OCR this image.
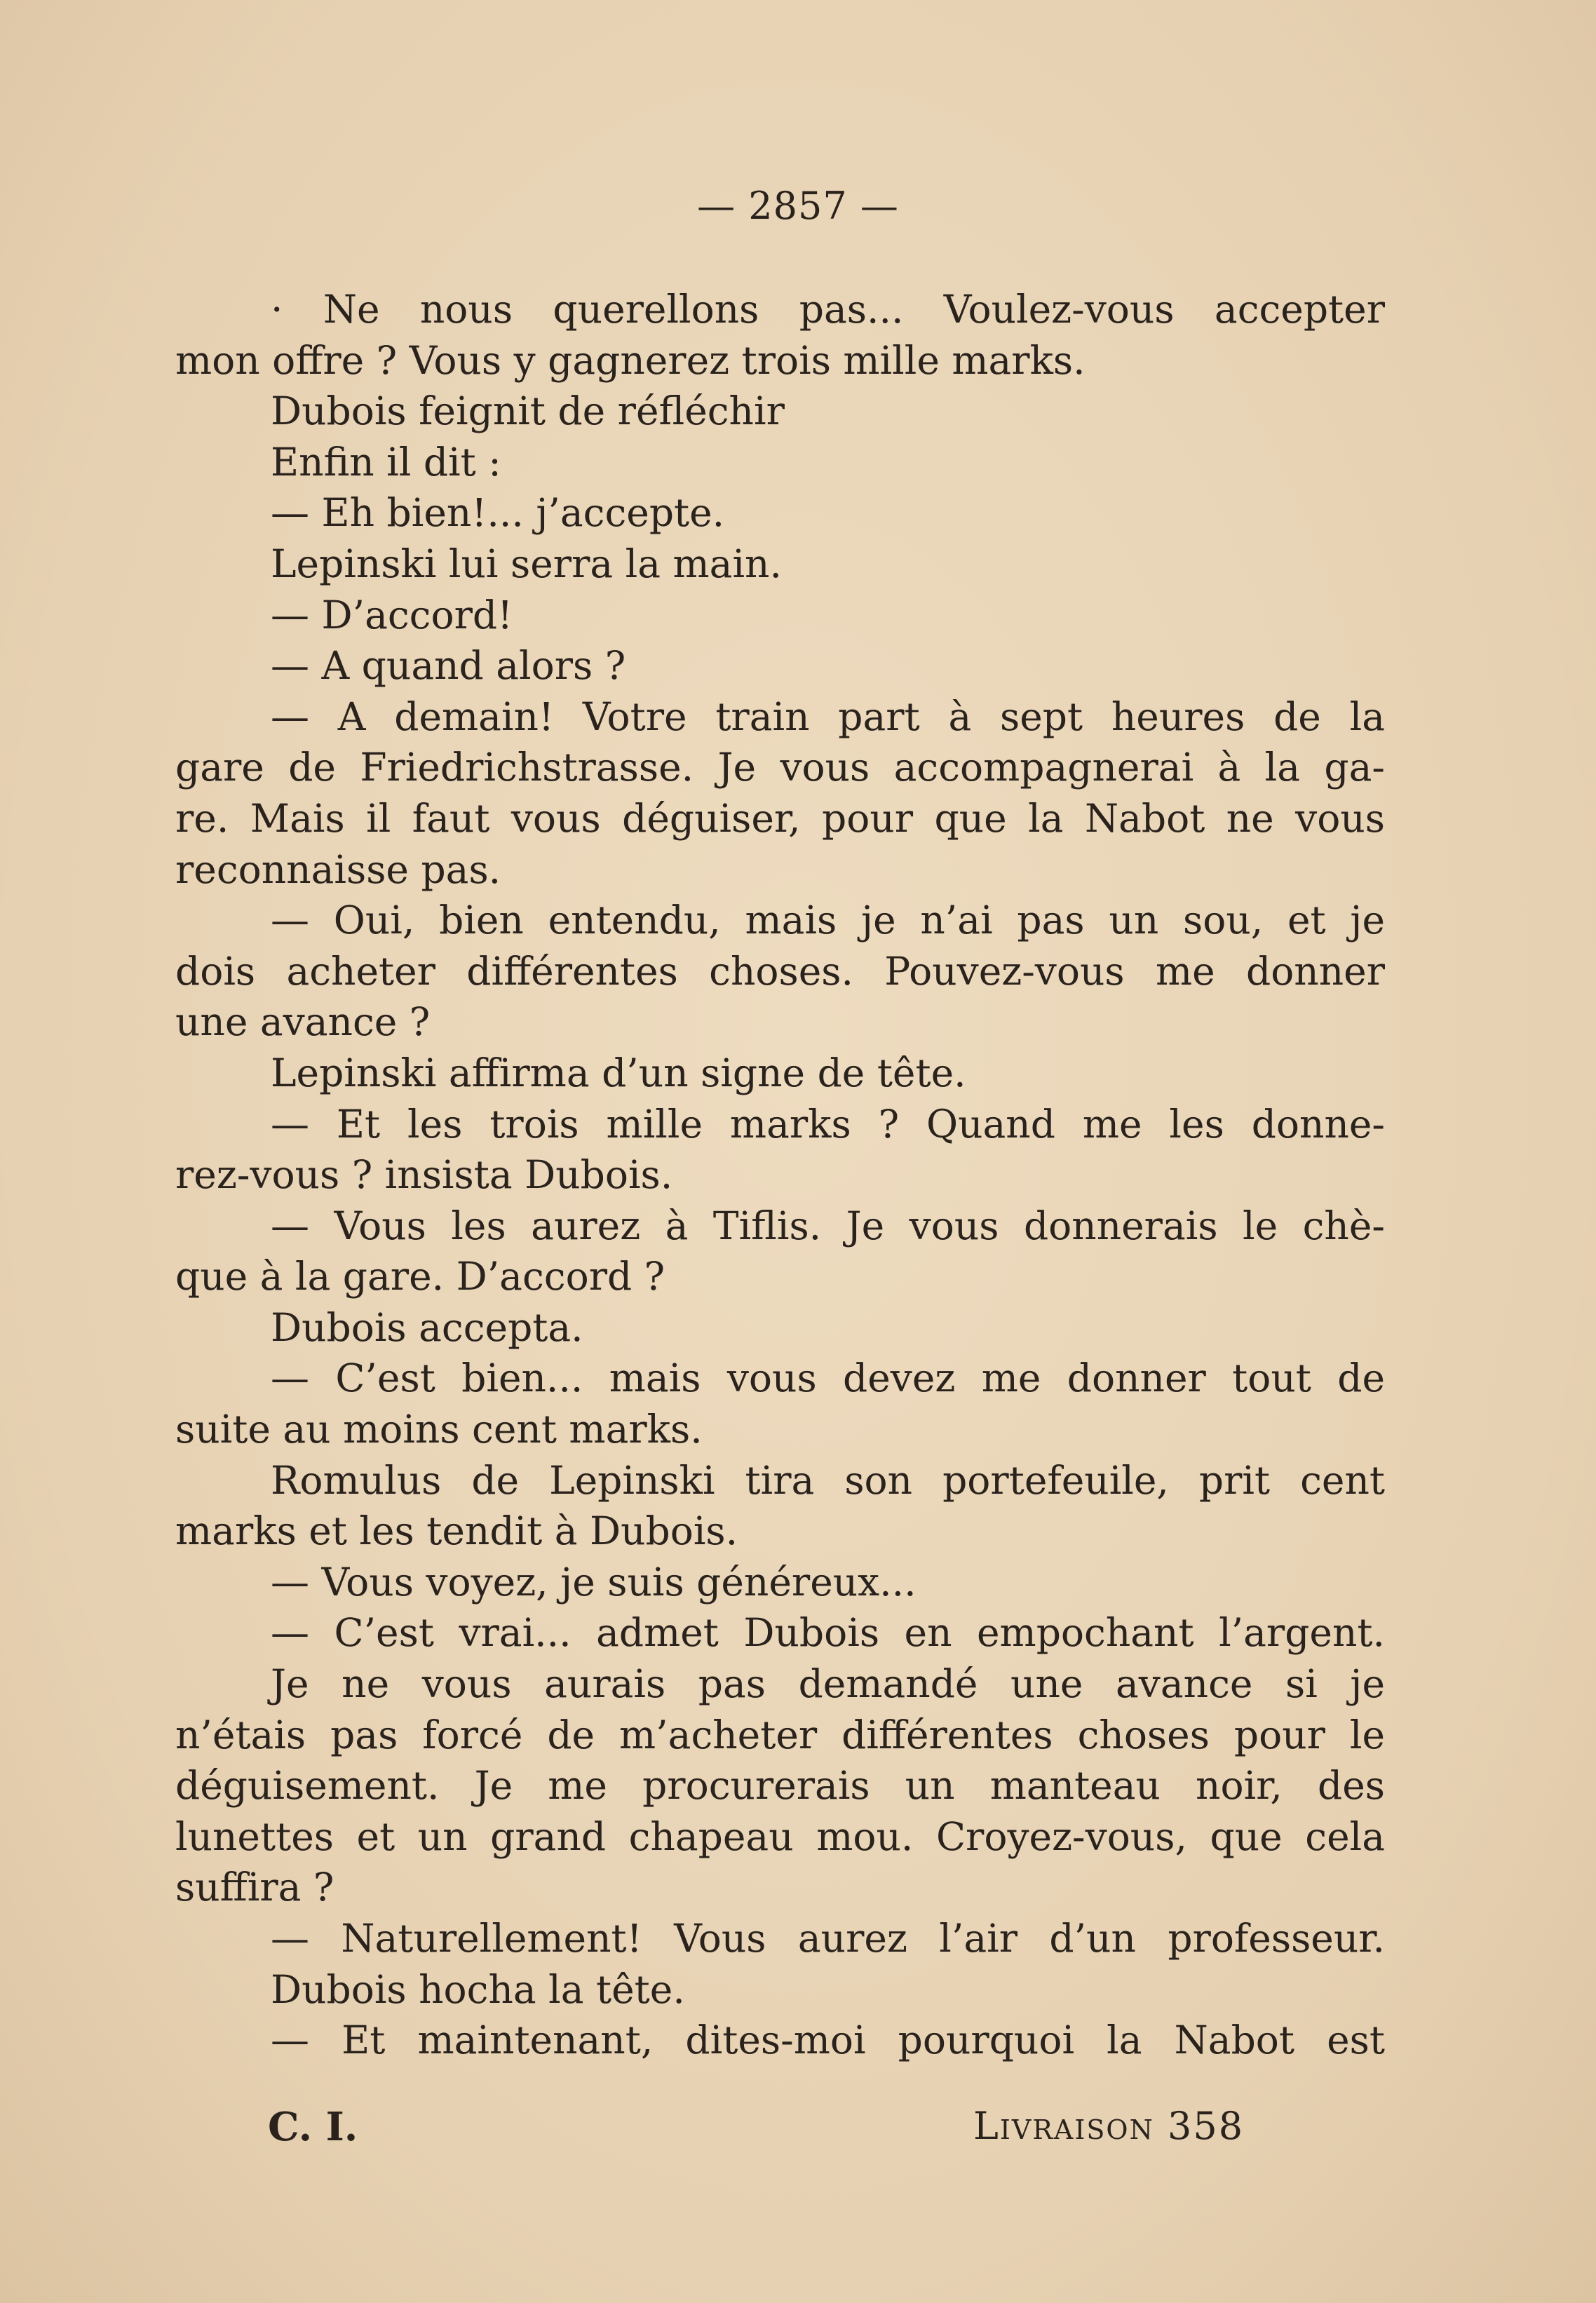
— 2857 —
· Ne nous querellons pas... Voulez-vous accepter
mon offre ? Vous y gagnerez trois mille marks.
Dubois feignit de réfléchir
Enfin il dit :
— Eh bien!... j’accepte.
Lepinski lui serra la main.
— D’accord!
— A quand alors ?
— A demain! Votre train part à sept heures de la
gare de Friedrichstrasse. Je vous accompagnerai à la ga-
re. Mais il faut vous déguiser, pour que la Nabot ne vous
reconnaisse pas.
— Oui, bien entendu, mais je n’ai pas un sou, et je
dois acheter différentes choses. Pouvez-vous me donner
une avance ?
Lepinski affirma d’un signe de tête.
— Et les trois mille marks ? Quand me les donne-
rez-vous ? insista Dubois.
— Vous les aurez à Tiflis. Je vous donnerais le chè-
que à la gare. D’accord ?
Dubois accepta.
— C’est bien... mais vous devez me donner tout de
suite au moins cent marks.
Romulus de Lepinski tira son portefeuile, prit cent
marks et les tendit à Dubois.
— Vous voyez, je suis généreux...
— C’est vrai... admet Dubois en empochant l’argent.
Je ne vous aurais pas demandé une avance si je
n’étais pas forcé de m’acheter différentes choses pour le
déguisement. Je me procurerais un manteau noir, des
lunettes et un grand chapeau mou. Croyez-vous, que cela
suffira ?
— Naturellement! Vous aurez l’air d’un professeur.
Dubois hocha la tête.
— Et maintenant, dites-moi pourquoi la Nabot est
C. I.	Livraison 358
